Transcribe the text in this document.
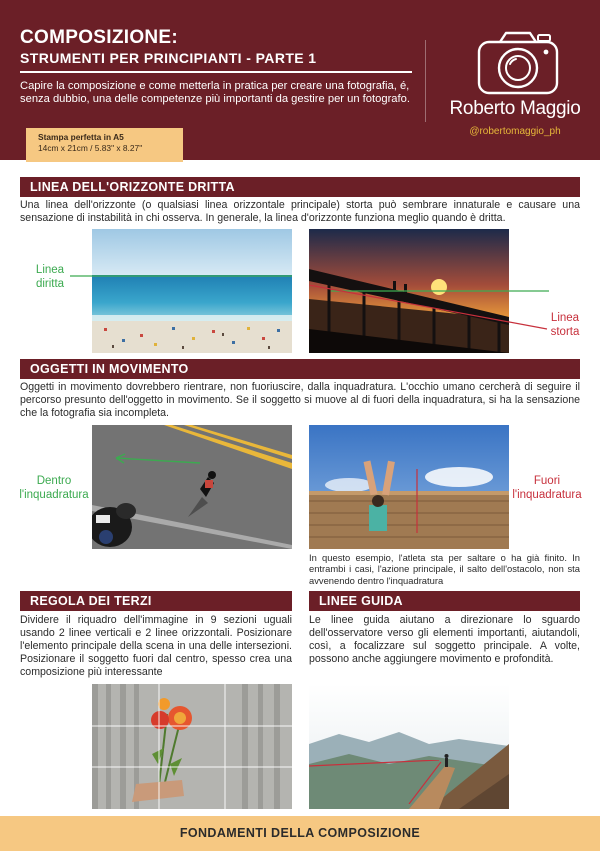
COMPOSIZIONE:
STRUMENTI PER PRINCIPIANTI - PARTE 1
Capire la composizione e come metterla in pratica per creare una fotografia, é, senza dubbio, una delle competenze più importanti da gestire per un fotografo.	Roberto Maggio
@robertomaggio_ph
Stampa perfetta in A5
14cm x 21cm / 5.83" x 8.27"
LINEA DELL'ORIZZONTE DRITTA
Una linea dell'orizzonte (o qualsiasi linea orizzontale principale) storta può sembrare innaturale e causare una sensazione di instabilità in chi osserva. In generale, la linea d'orizzonte funziona meglio quando è dritta.
Linea diritta
Linea storta
OGGETTI IN MOVIMENTO
Oggetti in movimento dovrebbero rientrare, non fuoriuscire, dalla inquadratura. L'occhio umano cercherà di seguire il percorso presunto dell'oggetto in movimento. Se il soggetto si muove al di fuori della inquadratura, si ha la sensazione che la fotografia sia incompleta.
Dentro l'inquadratura
Fuori l'inquadratura
In questo esempio, l'atleta sta per saltare o ha già finito. In entrambi i casi, l'azione principale, il salto dell'ostacolo, non sta avvenendo dentro l'inquadratura
REGOLA DEI TERZI
Dividere il riquadro dell'immagine in 9 sezioni uguali usando 2 linee verticali e 2 linee orizzontali. Posizionare l'elemento principale della scena in una delle intersezioni. Posizionare il soggetto fuori dal centro, spesso crea una composizione più interessante
LINEE GUIDA
Le linee guida aiutano a direzionare lo sguardo dell'osservatore verso gli elementi importanti, aiutandoli, così, a focalizzare sul soggetto principale. A volte, possono anche aggiungere movimento e profondità.
FONDAMENTI DELLA COMPOSIZIONE
